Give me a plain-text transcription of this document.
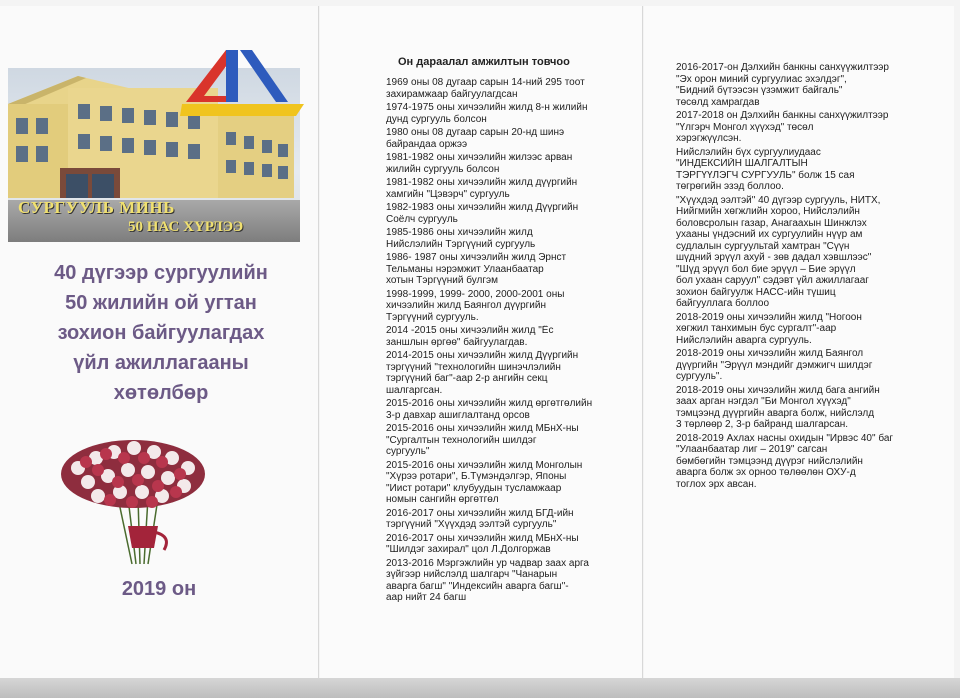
СУРГУУЛЬ МИНЬ
50 НАС ХҮРЛЭЭ
40 дүгээр сургуулийн
50 жилийн ой угтан
зохион байгуулагдах
үйл ажиллагааны
хөтөлбөр
2019 он
Он дараалал амжилтын товчоо
1969 оны 08 дугаар сарын 14-ний 295 тоот
захирамжаар байгуулагдсан
1974-1975 оны хичээлийн жилд 8-н жилийн
дунд сургууль болсон
1980 оны 08 дугаар сарын 20-нд шинэ
байрандаа оржээ
1981-1982 оны хичээлийн жилээс арван
жилийн сургууль болсон
1981-1982 оны хичээлийн жилд дүүргийн
хамгийн "Цэвэрч" сургууль
1982-1983 оны хичээлийн жилд Дүүргийн
Соёлч сургууль
1985-1986 оны хичээлийн жилд
Нийслэлийн Тэргүүний сургууль
1986- 1987 оны хичээлийн жилд Эрнст
Тельманы нэрэмжит Улаанбаатар
хотын Тэргүүний булгэм
1998-1999, 1999- 2000, 2000-2001 оны
хичээлийн жилд Баянгол дүүргийн
Тэргүүний сургууль.
2014 -2015 оны хичээлийн жилд "Ёс
заншлын өргөө" байгуулагдав.
2014-2015 оны хичээлийн жилд Дүүргийн
тэргүүний "технологийн шинэчлэлийн
тэргүүний баг"-аар 2-р ангийн секц
шалгаргсан.
2015-2016 оны хичээлийн жилд өргөтгөлийн
3-р давхар ашиглалтанд орсов
2015-2016 оны хичээлийн жилд МБнХ-ны
"Сургалтын технологийн шилдэг
сургууль"
2015-2016 оны хичээлийн жилд Монголын
"Хүрээ ротари", Б.Түмэндэлгэр, Японы
"Иист ротари" клубуудын тусламжаар
номын сангийн өргөтгөл
2016-2017 оны хичээлийн жилд БГД-ийн
тэргүүний "Хүүхдэд ээлтэй сургууль"
2016-2017 оны хичээлийн жилд МБнХ-ны
"Шилдэг захирал" цол Л.Долгоржав
2013-2016 Мэргэжлийн ур чадвар заах арга
зүйгээр нийслэлд шалгарч "Чанарын
аварга багш" "Индексийн аварга багш"-
аар нийт 24 багш
2016-2017-он Дэлхийн банкны санхүүжилтээр
"Эх орон миний сургуулиас эхэлдэг",
"Бидний бүтээсэн үзэмжит байгаль"
төсөлд хамрагдав
2017-2018 он Дэлхийн банкны санхүүжилтээр
"Үлгэрч Монгол хүүхэд" төсөл
хэрэгжүүлсэн.
Нийслэлийн бүх сургуулиудаас
"ИНДЕКСИЙН ШАЛГАЛТЫН
ТЭРГҮҮЛЭГЧ СУРГУУЛЬ" болж 15 сая
төгрөгийн эзэд боллоо.
"Хүүхдэд ээлтэй" 40 дүгээр сургууль, НИТХ,
Нийгмийн хөгжлийн хороо, Нийслэлийн
боловсролын газар, Анагаахын Шинжлэх
ухааны үндэсний их сургуулийн нүүр ам
судлалын сургуультай хамтран "Сүүн
шүдний эрүүл ахуй - зөв дадал хэвшлээс"
"Шүд эрүүл бол бие эрүүл – Бие эрүүл
бол ухаан саруул" сэдэвт үйл ажиллагааг
зохион байгуулж НАСС-ийн түшиц
байгууллага боллоо
2018-2019 оны хичээлийн жилд "Ногоон
хөгжил танхимын бус сургалт"-аар
Нийслэлийн аварга сургууль.
2018-2019 оны хичээлийн жилд Баянгол
дүүргийн "Эрүүл мэндийг дэмжигч шилдэг
сургууль".
2018-2019 оны хичээлийн жилд бага ангийн
заах арган нэгдэл "Би Монгол хүүхэд"
тэмцээнд дүүргийн аварга болж, нийслэлд
3 төрлөөр 2, 3-р байранд шалгарсан.
2018-2019 Ахлах насны охидын "Ирвэс 40" баг
"Улаанбаатар лиг – 2019" сагсан
бөмбөгийн тэмцээнд дүүрэг нийслэлийн
аварга болж эх орноо төлөөлөн ОХУ-д
тоглох эрх авсан.
